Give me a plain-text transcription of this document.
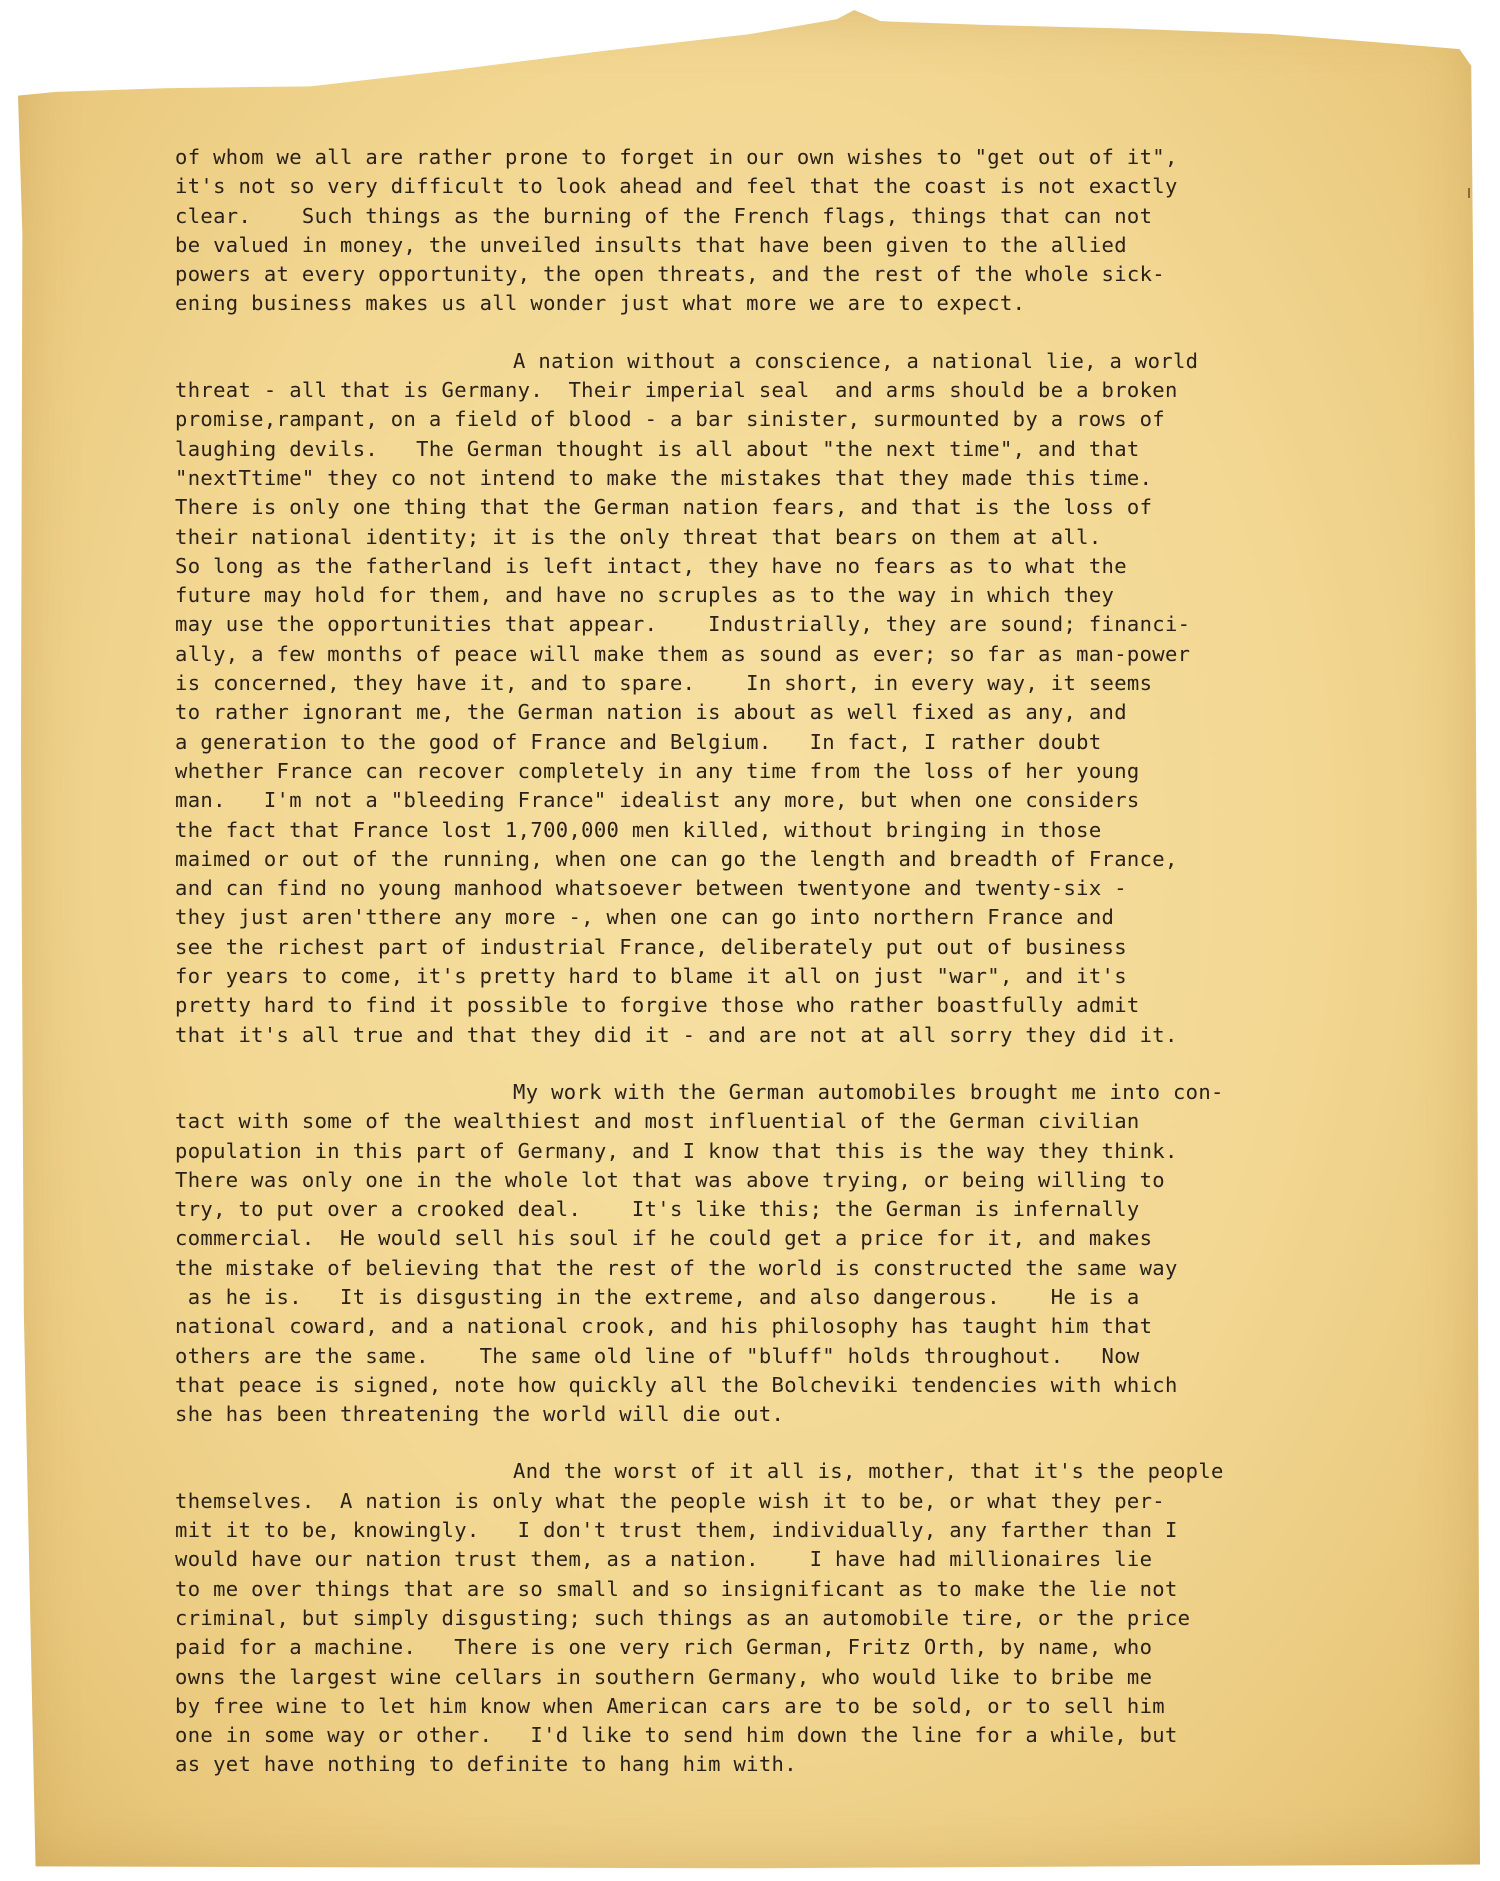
of whom we all are rather prone to forget in our own wishes to "get out of it",
it's not so very difficult to look ahead and feel that the coast is not exactly
clear.    Such things as the burning of the French flags, things that can not
be valued in money, the unveiled insults that have been given to the allied
powers at every opportunity, the open threats, and the rest of the whole sick-
ening business makes us all wonder just what more we are to expect.
A nation without a conscience, a national lie, a world
threat - all that is Germany.  Their imperial seal  and arms should be a broken
promise,rampant, on a field of blood - a bar sinister, surmounted by a rows of
laughing devils.   The German thought is all about "the next time", and that
"nextTtime" they co not intend to make the mistakes that they made this time.
There is only one thing that the German nation fears, and that is the loss of
their national identity; it is the only threat that bears on them at all.
So long as the fatherland is left intact, they have no fears as to what the
future may hold for them, and have no scruples as to the way in which they
may use the opportunities that appear.    Industrially, they are sound; financi-
ally, a few months of peace will make them as sound as ever; so far as man-power
is concerned, they have it, and to spare.    In short, in every way, it seems
to rather ignorant me, the German nation is about as well fixed as any, and
a generation to the good of France and Belgium.   In fact, I rather doubt
whether France can recover completely in any time from the loss of her young
man.   I'm not a "bleeding France" idealist any more, but when one considers
the fact that France lost 1,700,000 men killed, without bringing in those
maimed or out of the running, when one can go the length and breadth of France,
and can find no young manhood whatsoever between twentyone and twenty-six -
they just aren'tthere any more -, when one can go into northern France and
see the richest part of industrial France, deliberately put out of business
for years to come, it's pretty hard to blame it all on just "war", and it's
pretty hard to find it possible to forgive those who rather boastfully admit
that it's all true and that they did it - and are not at all sorry they did it.
My work with the German automobiles brought me into con-
tact with some of the wealthiest and most influential of the German civilian
population in this part of Germany, and I know that this is the way they think.
There was only one in the whole lot that was above trying, or being willing to
try, to put over a crooked deal.    It's like this; the German is infernally
commercial.  He would sell his soul if he could get a price for it, and makes
the mistake of believing that the rest of the world is constructed the same way
as he is.   It is disgusting in the extreme, and also dangerous.    He is a
national coward, and a national crook, and his philosophy has taught him that
others are the same.    The same old line of "bluff" holds throughout.   Now
that peace is signed, note how quickly all the Bolcheviki tendencies with which
she has been threatening the world will die out.
And the worst of it all is, mother, that it's the people
themselves.  A nation is only what the people wish it to be, or what they per-
mit it to be, knowingly.   I don't trust them, individually, any farther than I
would have our nation trust them, as a nation.    I have had millionaires lie
to me over things that are so small and so insignificant as to make the lie not
criminal, but simply disgusting; such things as an automobile tire, or the price
paid for a machine.   There is one very rich German, Fritz Orth, by name, who
owns the largest wine cellars in southern Germany, who would like to bribe me
by free wine to let him know when American cars are to be sold, or to sell him
one in some way or other.   I'd like to send him down the line for a while, but
as yet have nothing to definite to hang him with.
